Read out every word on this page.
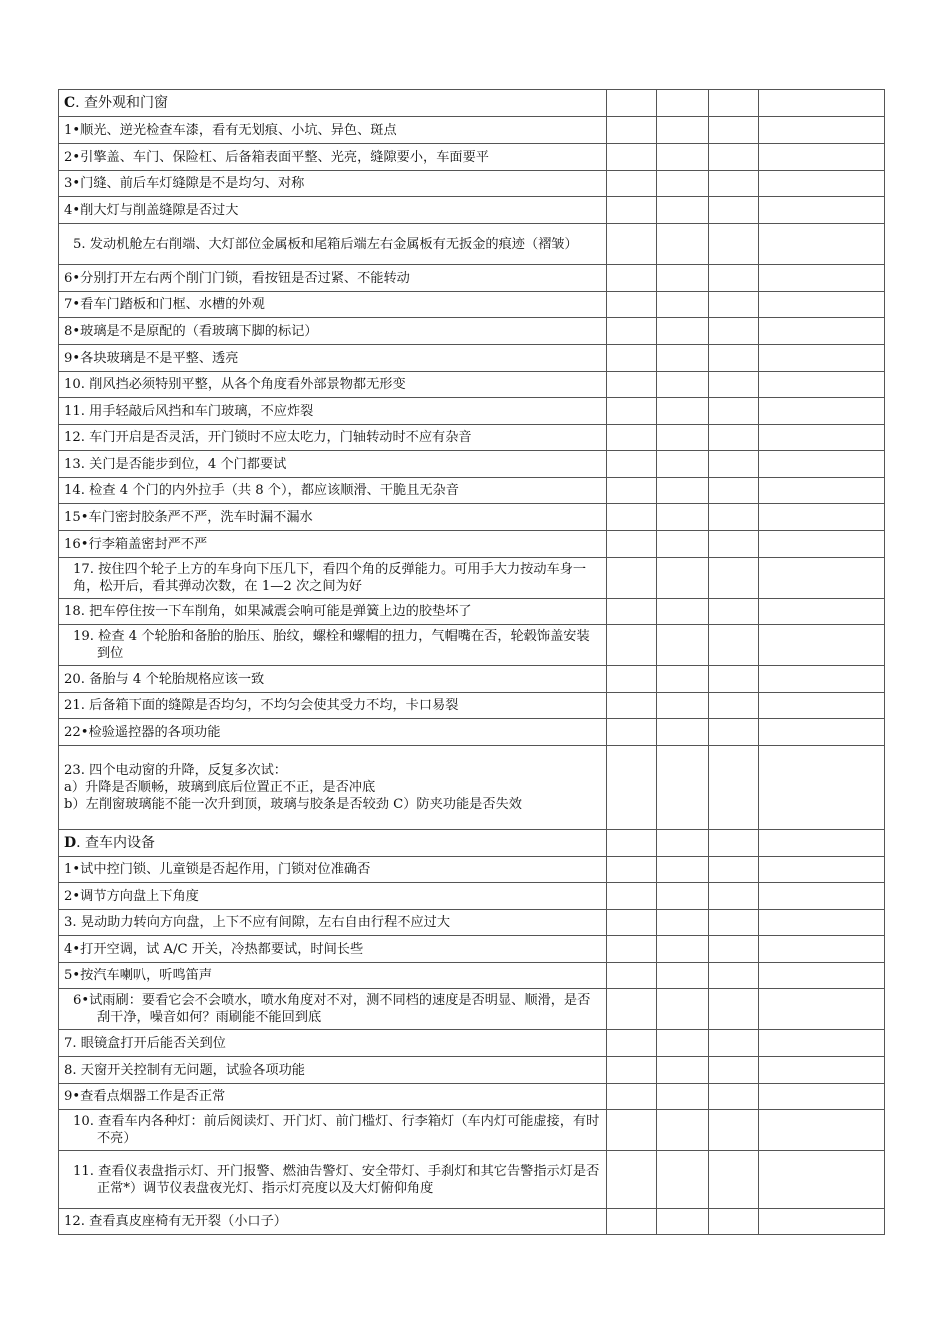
C. 查外观和门窗				
1•顺光、逆光检查车漆，看有无划痕、小坑、异色、斑点				
2•引擎盖、车门、保险杠、后备箱表面平整、光亮，缝隙要小，车面要平				
3•门缝、前后车灯缝隙是不是均匀、对称				
4•削大灯与削盖缝隙是否过大				
5. 发动机舱左右削端、大灯部位金属板和尾箱后端左右金属板有无扳金的痕迹（褶皱）				
6•分别打开左右两个削门门锁，看按钮是否过紧、不能转动				
7•看车门踏板和门框、水槽的外观				
8•玻璃是不是原配的（看玻璃下脚的标记）				
9•各块玻璃是不是平整、透亮				
10. 削风挡必须特别平整，从各个角度看外部景物都无形变				
11. 用手轻敲后风挡和车门玻璃，不应炸裂				
12. 车门开启是否灵活，开门锁时不应太吃力，门轴转动时不应有杂音				
13. 关门是否能步到位，4 个门都要试				
14. 检查 4 个门的内外拉手（共 8 个），都应该顺滑、干脆且无杂音				
15•车门密封胶条严不严，洗车时漏不漏水				
16•行李箱盖密封严不严				
17. 按住四个轮子上方的车身向下压几下，看四个角的反弹能力。可用手大力按动车身一角，松开后，看其弹动次数，在 1—2 次之间为好				
18. 把车停住按一下车削角，如果减震会响可能是弹簧上边的胶垫坏了				
19. 检查 4 个轮胎和备胎的胎压、胎纹，螺栓和螺帽的扭力，气帽嘴在否，轮毂饰盖安装到位				
20. 备胎与 4 个轮胎规格应该一致				
21. 后备箱下面的缝隙是否均匀，不均匀会使其受力不均，卡口易裂				
22•检验遥控器的各项功能				

23. 四个电动窗的升降，反复多次试：
a）升降是否顺畅，玻璃到底后位置正不正，是否冲底
b）左削窗玻璃能不能一次升到顶，玻璃与胶条是否较劲 C）防夹功能是否失效				

D. 查车内设备				
1•试中控门锁、儿童锁是否起作用，门锁对位准确否				
2•调节方向盘上下角度				
3. 晃动助力转向方向盘，上下不应有间隙，左右自由行程不应过大				
4•打开空调，试 A/C 开关，冷热都要试，时间长些				
5•按汽车喇叭，听鸣笛声				
6•试雨刷：要看它会不会喷水，喷水角度对不对，测不同档的速度是否明显、顺滑，是否刮干净，噪音如何？雨刷能不能回到底				
7. 眼镜盒打开后能否关到位				
8. 天窗开关控制有无问题，试验各项功能				
9•查看点烟器工作是否正常				
10. 查看车内各种灯：前后阅读灯、开门灯、前门槛灯、行李箱灯（车内灯可能虚接，有时不亮）				
11. 查看仪表盘指示灯、开门报警、燃油告警灯、安全带灯、手刹灯和其它告警指示灯是否正常*）调节仪表盘夜光灯、指示灯亮度以及大灯俯仰角度				
12. 查看真皮座椅有无开裂（小口子）				
